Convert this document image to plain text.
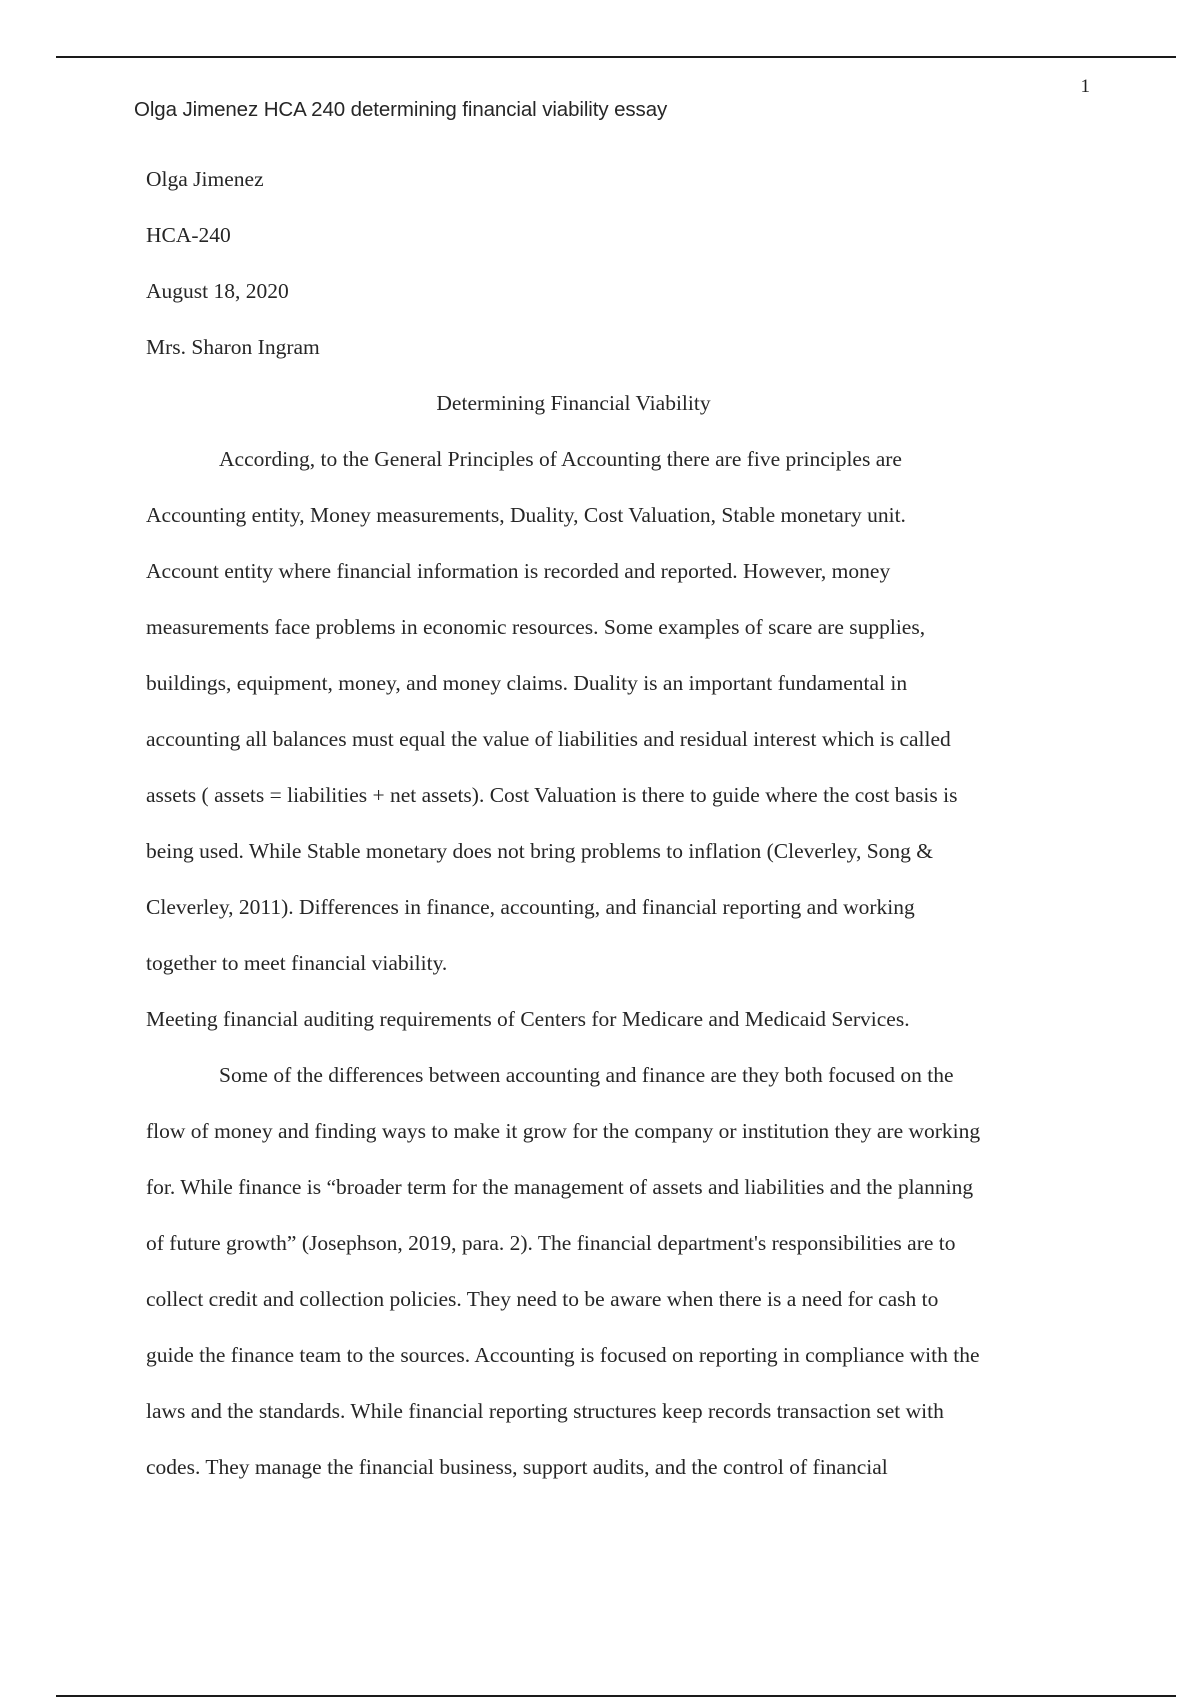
1
Olga Jimenez HCA 240 determining financial viability essay
Olga Jimenez
HCA-240
August 18, 2020
Mrs. Sharon Ingram
Determining Financial Viability
According, to the General Principles of Accounting there are five principles are
Accounting entity, Money measurements, Duality, Cost Valuation, Stable monetary unit.
Account entity where financial information is recorded and reported. However, money
measurements face problems in economic resources. Some examples of scare are supplies,
buildings, equipment, money, and money claims. Duality is an important fundamental in
accounting all balances must equal the value of liabilities and residual interest which is called
assets ( assets = liabilities + net assets). Cost Valuation is there to guide where the cost basis is
being used. While Stable monetary does not bring problems to inflation (Cleverley, Song &
Cleverley, 2011). Differences in finance, accounting, and financial reporting and working
together to meet financial viability.
Meeting financial auditing requirements of Centers for Medicare and Medicaid Services.
Some of the differences between accounting and finance are they both focused on the
flow of money and finding ways to make it grow for the company or institution they are working
for. While finance is “broader term for the management of assets and liabilities and the planning
of future growth” (Josephson, 2019, para. 2). The financial department's responsibilities are to
collect credit and collection policies. They need to be aware when there is a need for cash to
guide the finance team to the sources. Accounting is focused on reporting in compliance with the
laws and the standards. While financial reporting structures keep records transaction set with
codes. They manage the financial business, support audits, and the control of financial
